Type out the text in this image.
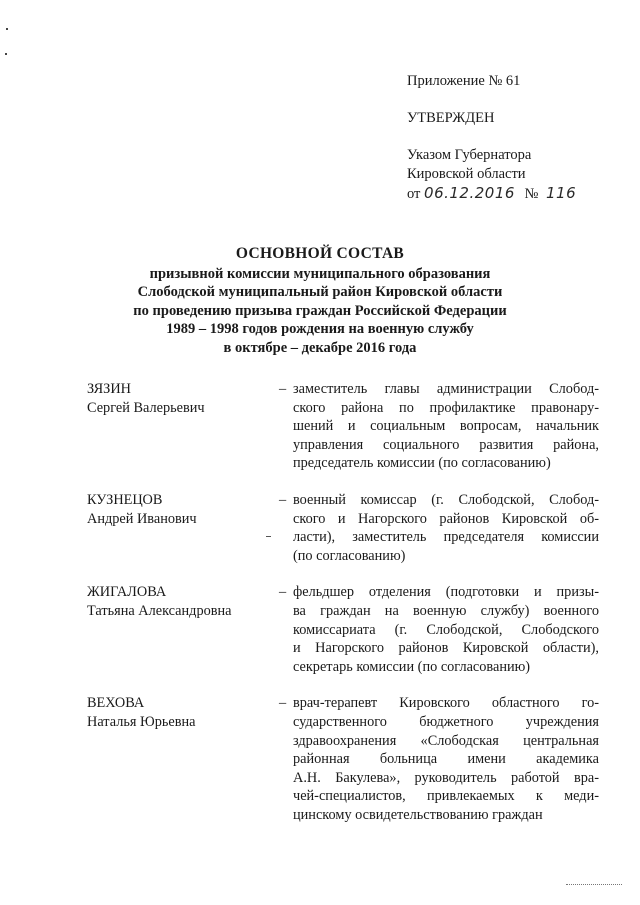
Приложение № 61
УТВЕРЖДЕН
Указом Губернатора
Кировской области
от 06.12.2016 № 116
ОСНОВНОЙ СОСТАВ
призывной комиссии муниципального образования
Слободской муниципальный район Кировской области
по проведению призыва граждан Российской Федерации
1989 – 1998 годов рождения на военную службу
в октябре – декабре 2016 года
ЗЯЗИН
Сергей Валерьевич
– заместитель главы администрации Слобод-
ского района по профилактике правонару-
шений и социальным вопросам, начальник
управления социального развития района,
председатель комиссии (по согласованию)
КУЗНЕЦОВ
Андрей Иванович
– военный комиссар (г. Слободской, Слобод-
ского и Нагорского районов Кировской об-
ласти), заместитель председателя комиссии
(по согласованию)
ЖИГАЛОВА
Татьяна Александровна
– фельдшер отделения (подготовки и призы-
ва граждан на военную службу) военного
комиссариата (г. Слободской, Слободского
и Нагорского районов Кировской области),
секретарь комиссии (по согласованию)
ВЕХОВА
Наталья Юрьевна
– врач-терапевт Кировского областного го-
сударственного бюджетного учреждения
здравоохранения «Слободская центральная
районная больница имени академика
А.Н. Бакулева», руководитель работой вра-
чей-специалистов, привлекаемых к меди-
цинскому освидетельствованию граждан
